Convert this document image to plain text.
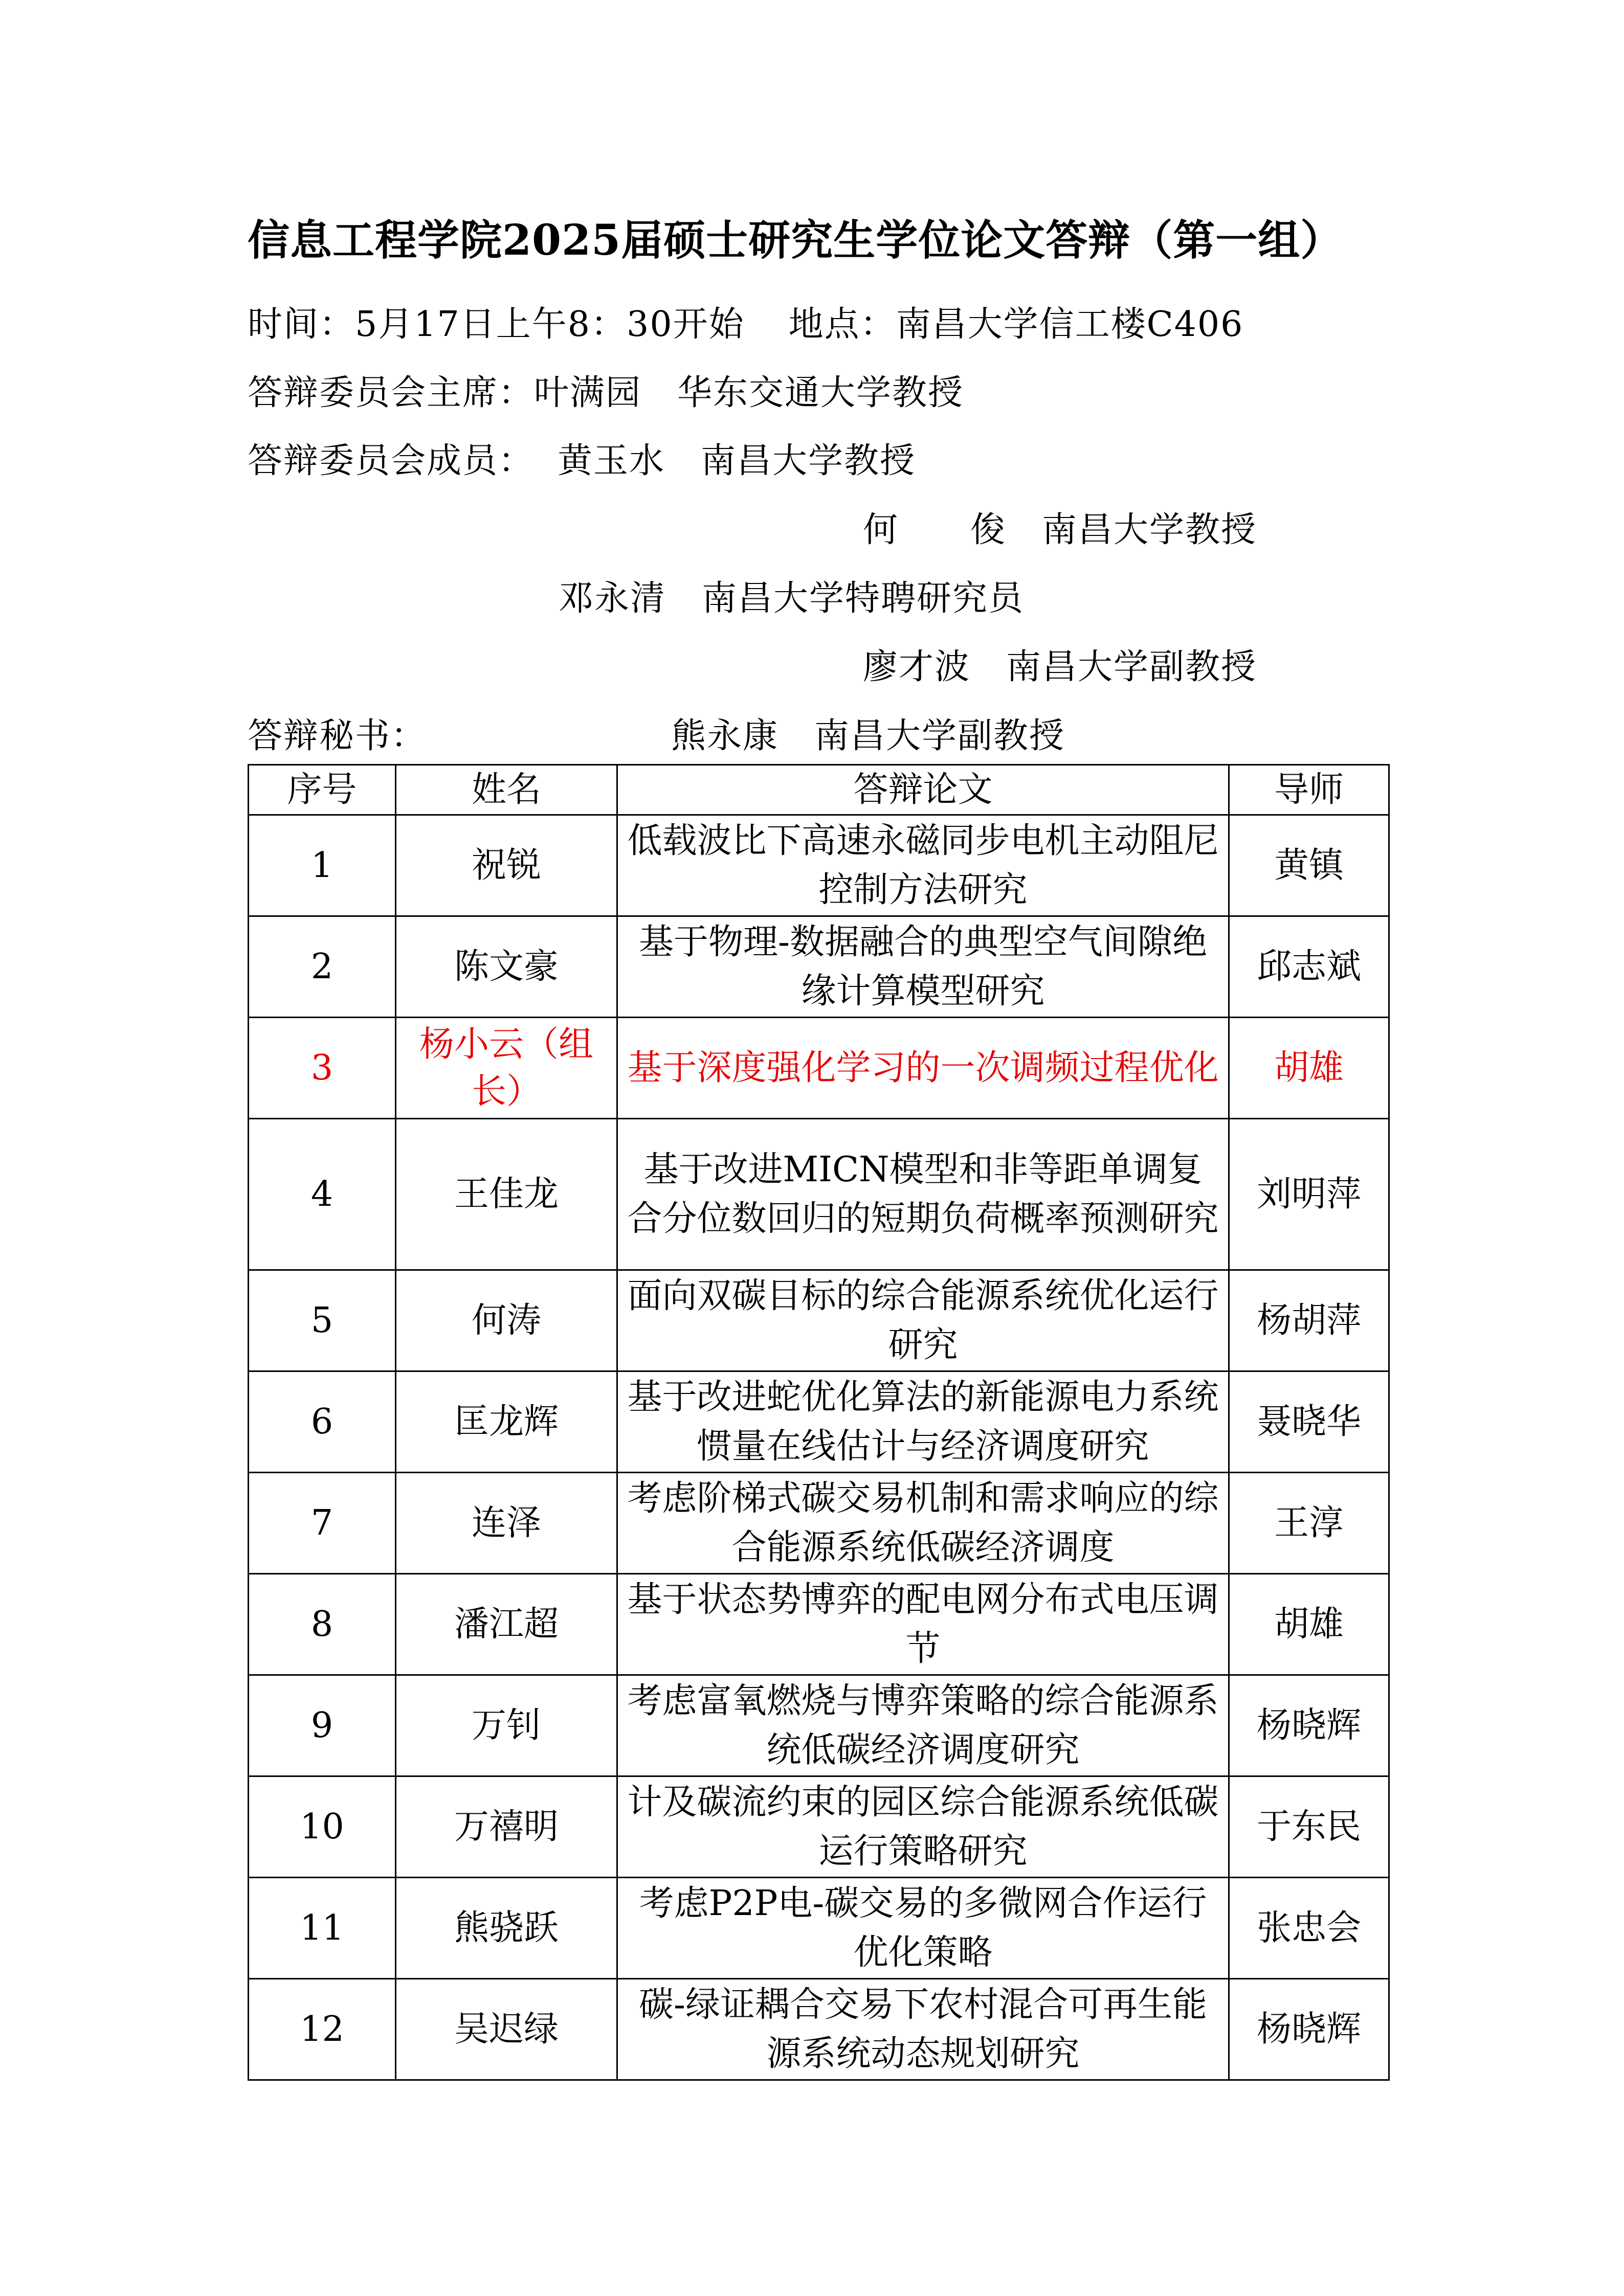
信息工程学院2025届硕士研究生学位论文答辩（第一组）
时间：5月17日上午8：30开始 地点：南昌大学信工楼C406
答辩委员会主席：叶满园　华东交通大学教授
答辩委员会成员： 黄玉水　南昌大学教授
何　　俊　南昌大学教授
邓永清　南昌大学特聘研究员
廖才波　南昌大学副教授
答辩秘书：	熊永康　南昌大学副教授
序号	姓名	答辩论文	导师
1	祝锐	低载波比下高速永磁同步电机主动阻尼控制方法研究	黄镇
2	陈文豪	基于物理-数据融合的典型空气间隙绝缘计算模型研究	邱志斌
3	杨小云（组长）	基于深度强化学习的一次调频过程优化	胡雄
4	王佳龙	基于改进MICN模型和非等距单调复合分位数回归的短期负荷概率预测研究	刘明萍
5	何涛	面向双碳目标的综合能源系统优化运行研究	杨胡萍
6	匡龙辉	基于改进蛇优化算法的新能源电力系统惯量在线估计与经济调度研究	聂晓华
7	连泽	考虑阶梯式碳交易机制和需求响应的综合能源系统低碳经济调度	王淳
8	潘江超	基于状态势博弈的配电网分布式电压调节	胡雄
9	万钊	考虑富氧燃烧与博弈策略的综合能源系统低碳经济调度研究	杨晓辉
10	万禧明	计及碳流约束的园区综合能源系统低碳运行策略研究	于东民
11	熊骁跃	考虑P2P电-碳交易的多微网合作运行优化策略	张忠会
12	吴迟绿	碳-绿证耦合交易下农村混合可再生能源系统动态规划研究	杨晓辉
